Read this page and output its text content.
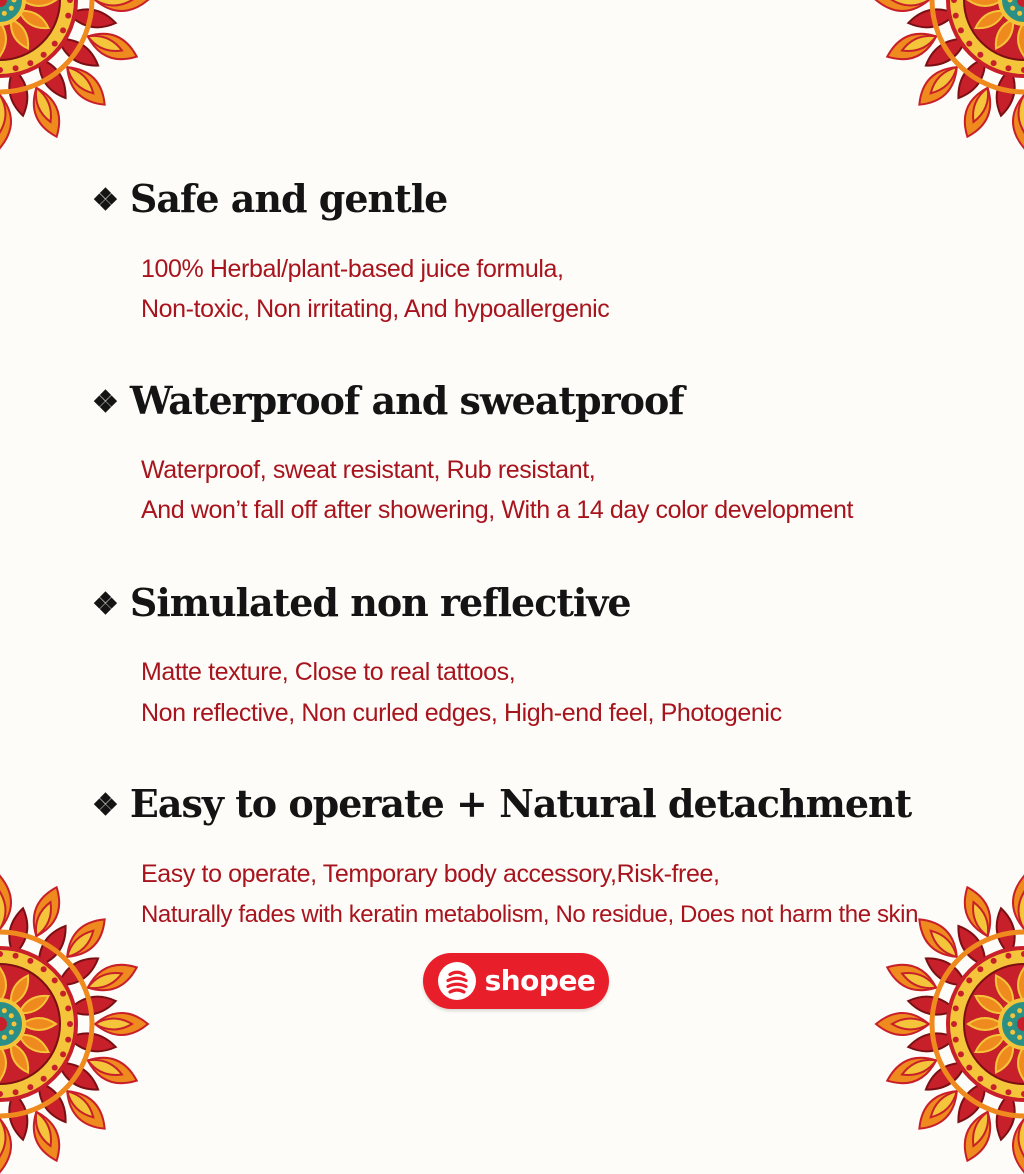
❖ Safe and gentle
100% Herbal/plant-based juice formula,
Non-toxic, Non irritating, And hypoallergenic
❖ Waterproof and sweatproof
Waterproof, sweat resistant, Rub resistant,
And won’t fall off after showering, With a 14 day color development
❖ Simulated non reflective
Matte texture, Close to real tattoos,
Non reflective, Non curled edges, High-end feel, Photogenic
❖ Easy to operate + Natural detachment
Easy to operate, Temporary body accessory,Risk-free,
Naturally fades with keratin metabolism, No residue, Does not harm the skin
shopee
